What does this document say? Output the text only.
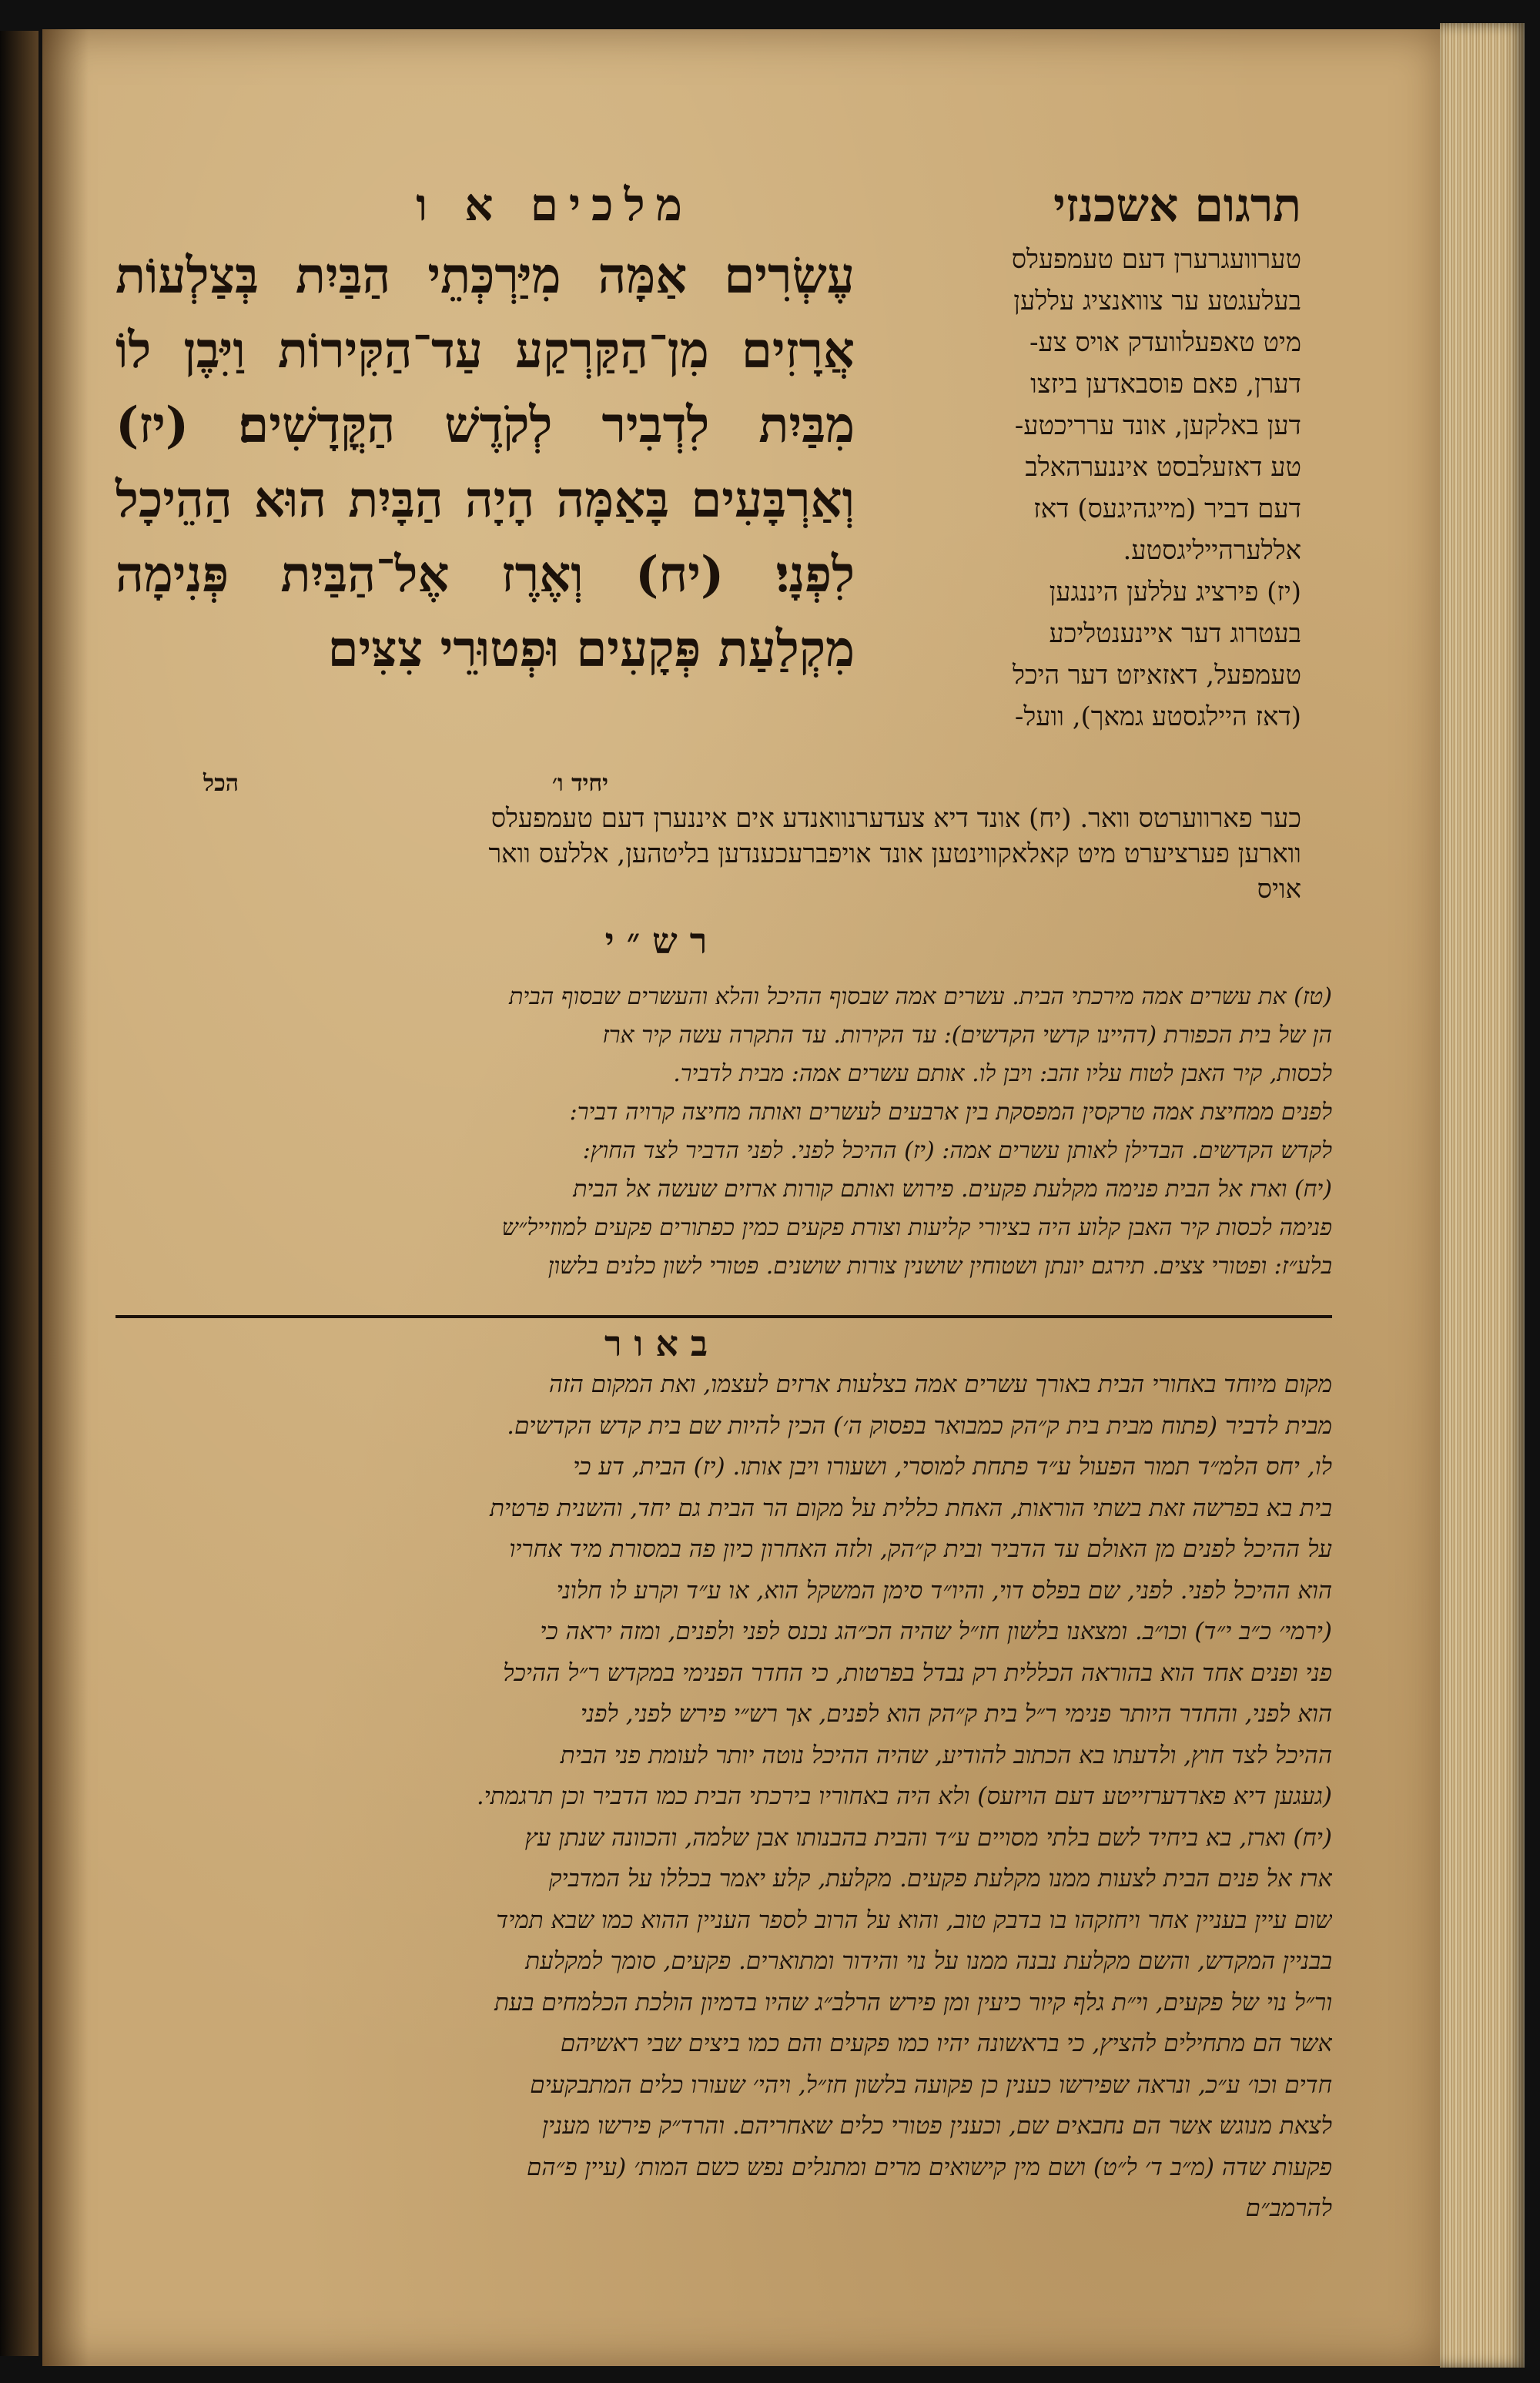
תרגום אשכנזי
מלכים א ו
עֶשְׂרִים אַמָּה מִיַּרְכְּתֵי הַבַּיִת בְּצַלְעוֹת אֲרָזִים מִן־הַקַּרְקַע עַד־הַקִּירוֹת וַיִּבֶן לוֹ מִבַּיִת לִדְבִיר לְקֹדֶשׁ הַקֳּדָשִׁים׃ (יז) וְאַרְבָּעִים בָּאַמָּה הָיָה הַבָּיִת הוּא הַהֵיכָל לִפְנָי׃ (יח) וְאֶרֶז אֶל־הַבַּיִת פְּנִימָה מִקְלַעַת פְּקָעִים וּפְטוּרֵי צִצִּים
טערוועגרערן דעם טעמפעלס
בעלעגטע ער צוואנציג עללען
מיט טאפעלוועדק אויס צע-
דערן, פאם פוסבאדען ביזצו
דען באלקען, אונד ערריכטע-
טע דאזעלבסט איננערהאלב
דעם דביר (מייגהיגעס) דאז
אללערהייליגסטע.
(יז) פירציג עללען היננגען
בעטרוג דער איינענטליכע
טעמפעל, דאזאיזט דער היכל
(דאז היילגסטע גמאך), וועל-
יחיד ו׳
הכל
כער פארווערטס וואר. (יח) אונד דיא צעדערנוואנדע אים איננערן דעם טעמפעלס
ווארען פערציערט מיט קאלאקווינטען אונד אויפברעכענדען בליטהען, אללעס וואר
אויס
רש״י
(טז) את עשרים אמה מירכתי הבית. עשרים אמה שבסוף ההיכל והלא והעשרים שבסוף הבית
הן של בית הכפורת (דהיינו קדשי הקדשים): עד הקירות. עד התקרה עשה קיר ארז
לכסות, קיר האבן לטוח עליו זהב: ויבן לו. אותם עשרים אמה: מבית לדביר.
לפנים ממחיצת אמה טרקסין המפסקת בין ארבעים לעשרים ואותה מחיצה קרויה דביר:
לקדש הקדשים. הבדילן לאותן עשרים אמה: (יז) ההיכל לפני. לפני הדביר לצד החוץ:
(יח) וארז אל הבית פנימה מקלעת פקעים. פירוש ואותם קורות ארזים שעשה אל הבית
פנימה לכסות קיר האבן קלוע היה בציורי קליעות וצורת פקעים כמין כפתורים פקעים למוזייל״ש
בלע״ז: ופטורי צצים. תירגם יונתן ושטוחין שושנין צורות שושנים. פטורי לשון כלנים בלשון
באור
מקום מיוחד באחורי הבית באורך עשרים אמה בצלעות ארזים לעצמו, ואת המקום הזה
מבית לדביר (פתוח מבית בית ק״הק כמבואר בפסוק ה׳) הכין להיות שם בית קדש הקדשים.
לו, יחס הלמ״ד תמור הפעול ע״ד פתחת למוסרי, ושעורו ויבן אותו. (יז) הבית, דע כי
בית בא בפרשה זאת בשתי הוראות, האחת כללית על מקום הר הבית גם יחד, והשנית פרטית
על ההיכל לפנים מן האולם עד הדביר ובית ק״הק, ולזה האחרון כיון פה במסורת מיד אחריו
הוא ההיכל לפני. לפני, שם בפלס דוי, והיו״ד סימן המשקל הוא, או ע״ד וקרע לו חלוני
(ירמי׳ כ״ב י״ד) וכו״ב. ומצאנו בלשון חז״ל שהיה הכ״הג נכנס לפני ולפנים, ומזה יראה כי
פני ופנים אחד הוא בהוראה הכללית רק נבדל בפרטות, כי החדר הפנימי במקדש ר״ל ההיכל
הוא לפני, והחדר היותר פנימי ר״ל בית ק״הק הוא לפנים, אך רש״י פירש לפני, לפני
ההיכל לצד חוץ, ולדעתו בא הכתוב להודיע, שהיה ההיכל נוטה יותר לעומת פני הבית
(געגען דיא פארדערזייטע דעם הויזעס) ולא היה באחוריו בירכתי הבית כמו הדביר וכן תרגמתי.
(יח) וארז, בא ביחיד לשם בלתי מסויים ע״ד והבית בהבנותו אבן שלמה, והכוונה שנתן עץ
ארז אל פנים הבית לצעות ממנו מקלעת פקעים. מקלעת, קלע יאמר בכללו על המדביק
שום עיין בעניין אחר ויחזקהו בו בדבק טוב, והוא על הרוב לספר העניין ההוא כמו שבא תמיד
בבניין המקדש, והשם מקלעת נבנה ממנו על נוי והידור ומתוארים. פקעים, סומך למקלעת
ור״ל נוי של פקעים, וי״ת גלף קיור כיעין ומן פירש הרלב״ג שהיו בדמיון הולכת הכלמחים בעת
אשר הם מתחילים להציץ, כי בראשונה יהיו כמו פקעים והם כמו ביצים שבי ראשיהם
חדים וכו׳ ע״כ, ונראה שפירשו כענין כן פקועה בלשון חז״ל, ויהי׳ שעורו כלים המתבקעים
לצאת מנוגש אשר הם נחבאים שם, וכענין פטורי כלים שאחריהם. והרד״ק פירשו מענין
פקעות שדה (מ״ב ד׳ ל״ט) ושם מין קישואים מרים ומתנלים נפש כשם המות׳ (עיין פ״הם
להרמב״ם
